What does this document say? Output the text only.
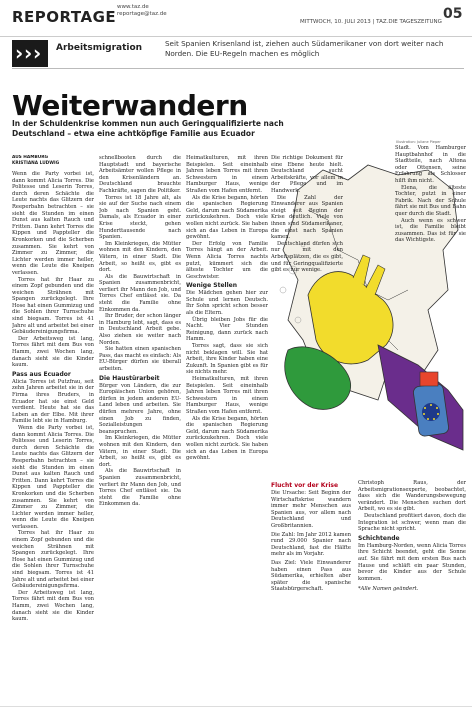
REPORTAGE
www.taz.de
reportage@taz.de
MITTWOCH, 10. JULI 2013 | TAZ.DIE TAGESZEITUNG 05
› › › Arbeitsmigration	Seit Spanien Krisenland ist, ziehen auch Südamerikaner von dort weiter nach Norden. Die EU-Regeln machen es möglich
Weiterwandern
In der Schuldenkrise kommen nun auch Geringqualifizierte nach Deutschland – etwa eine achtköpfige Familie aus Ecuador
AUS HAMBURG
KRISTIANA LUDWIG

Wenn die Party vorbei ist, dann kommt Alicia Torres. Die Politesse und Leserin Torres, durch deren Schächte die Leute nachts das Glitzern der Reeperbahn betrachten – sie sieht die Stunden im einen Dunst aus kalten Rauch und Fritten. Dann kehrt Torres die Kippen und Pappteller die Kronkorken und die Scherben zusammen. Sie kehrt von Zimmer zu Zimmer, die Lichter werden immer heller, wenn die Leute die Kneipen verlassen.

Torres hat ihr Haar zu einem Zopf gebunden und die weichen Strähnen mit Spangen zurückgelegt. Ihre Hose hat einen Gummizug und die Sohlen ihrer Turnschuhe sind biegsam. Torres ist 41 Jahre alt und arbeitet bei einer Gebäudereinigungsfirma.

Der Arbeitsweg ist lang, Torres fährt mit dem Bus von Hamm, zwei Wochen lang, danach sieht sie die Kinder kaum.

Pass aus Ecuador

Alicia Torres ist Putzfrau, seit zehn Jahren arbeitet sie in der Firma ihres Bruders, in Ecuador hat sie einst Geld verdient. Heute hat sie das Leben an der Elbe. Mit ihrer Familie lebt sie in Hamburg.

Wenn die Party vorbei ist, dann kommt Alicia Torres. Die Politesse und Leserin Torres, durch deren Schächte die Leute nachts das Glitzern der Reeperbahn betrachten – sie sieht die Stunden im einen Dunst aus kalten Rauch und Fritten. Dann kehrt Torres die Kippen und Pappteller die Kronkorken und die Scherben zusammen. Sie kehrt von Zimmer zu Zimmer, die Lichter werden immer heller, wenn die Leute die Kneipen verlassen.

Torres hat ihr Haar zu einem Zopf gebunden und die weichen Strähnen mit Spangen zurückgelegt. Ihre Hose hat einen Gummizug und die Sohlen ihrer Turnschuhe sind biegsam. Torres ist 41 Jahre alt und arbeitet bei einer Gebäudereinigungsfirma.

Der Arbeitsweg ist lang, Torres fährt mit dem Bus von Hamm, zwei Wochen lang, danach sieht sie die Kinder kaum.

schnellbooten durch die Hauptstadt und bayerische Arbeitsämter wollen Pflege in den Krisenländern an. Deutschland brauchte Fachkräfte, sagen die Politiker.

Torres ist 18 Jahre alt, als sie auf der Suche nach einem Job nach Spanien geht. Damals, als Ecuador in einer Krise steckt, gehen Hunderttausende nach Spanien.

Im Kleinkriegen, die Mütter wohnen mit den Kindern, den Vätern, in einer Stadt. Die Arbeit, so heißt es, gibt es dort.

Als die Bauwirtschaft in Spanien zusammenbricht, verliert ihr Mann den Job, und Torres Chef entlässt sie. Da steht die Familie ohne Einkommen da.

Ihr Bruder, der schon länger in Hamburg lebt, sagt, dass es in Deutschland Arbeit gebe. Also ziehen sie weiter nach Norden.

Sie hatten einen spanischen Pass, das macht es einfach: Als EU-Bürger dürfen sie überall arbeiten.

Die Haustürarbeit

Bürger von Ländern, die zur Europäischen Union gehören, dürfen in jedem anderen EU-Land leben und arbeiten. Sie dürfen mehrere Jahre, ohne einen Job zu finden, Sozialleistungen beanspruchen.

Im Kleinkriegen, die Mütter wohnen mit den Kindern, den Vätern, in einer Stadt. Die Arbeit, so heißt es, gibt es dort.

Als die Bauwirtschaft in Spanien zusammenbricht, verliert ihr Mann den Job, und Torres Chef entlässt sie. Da steht die Familie ohne Einkommen da.

Heimatkulturen, mit ihren Beispielen. Seit eineinhalb Jahren leben Torres mit ihren Schwestern in einem Hamburger Haus, wenige Straßen vom Hafen entfernt.

Als die Krise begann, hörten die spanischen Regierung Geld, darum nach Südamerika zurückzukehren. Doch viele wollen nicht zurück. Sie haben sich an das Leben in Europa gewöhnt.

Der Erfolg von Familie Torres hängt an der Arbeit. Wenn Alicia Torres nachts putzt, kümmert sich die älteste Tochter um die Geschwister.

Wenige Stellen

Die Mädchen gehen hier zur Schule und lernen Deutsch. Ihr Sohn spricht schon besser als die Eltern.

Übrig bleiben Jobs für die Nacht. Vier Stunden Reinigung, dann zurück nach Hamm.

Torres sagt, dass sie sich nicht beklagen will. Sie hat Arbeit, ihre Kinder haben eine Zukunft. In Spanien gibt es für sie nichts mehr.

Heimatkulturen, mit ihren Beispielen. Seit eineinhalb Jahren leben Torres mit ihren Schwestern in einem Hamburger Haus, wenige Straßen vom Hafen entfernt.

Als die Krise begann, hörten die spanischen Regierung Geld, darum nach Südamerika zurückzukehren. Doch viele wollen nicht zurück. Sie haben sich an das Leben in Europa gewöhnt.

Illustration: Juliane Pieper

Die richtige Dokument für eine Ebene heute hielt. Deutschland sucht Arbeitskräfte, vor allem in der Pflege und im Handwerk.

Die Zahl der Einwanderer aus Spanien steigt seit Beginn der Krise deutlich. Viele von ihnen sind Südamerikaner, die einst nach Spanien kamen.

Deutschland dürfen sich nur mit den Arbeitsplätzen, die es gibt, und für Geringqualifizierte gibt es nur wenige.

Stadt. Vom Hamburger Hauptbahnhof in die Stadtteile, nach Altona oder Ottensen, seine Erfahrung als Schlosser hilft ihm nicht.

Elena, die älteste Tochter, putzt in einer Fabrik. Nach der Schule fährt sie mit Bus und Bahn quer durch die Stadt.

Auch wenn es schwer ist, die Familie bleibt zusammen. Das ist für sie das Wichtigste.

Flucht vor der Krise

Die Ursache: Seit Beginn der Wirtschaftskrise wandern immer mehr Menschen aus Spanien aus, vor allem nach Deutschland und Großbritannien.

Die Zahl: Im Jahr 2012 kamen rund 29.000 Spanier nach Deutschland, fast die Hälfte mehr als im Vorjahr.

Das Ziel: Viele Einwanderer haben einen Pass aus Südamerika, erhielten aber später die spanische Staatsbürgerschaft.

Christoph Raus, der Arbeitsmigrationsexperte, beobachtet, dass sich die Wanderungsbewegung verändert. Die Menschen suchen dort Arbeit, wo es sie gibt.

Deutschland profitiert davon, doch die Integration ist schwer, wenn man die Sprache nicht spricht.

Schichtende

Im Hamburg-Norden, wenn Alicia Torres ihre Schicht beendet, geht die Sonne auf. Sie fährt mit dem ersten Bus nach Hause und schläft ein paar Stunden, bevor die Kinder aus der Schule kommen.

*Alle Namen geändert.
